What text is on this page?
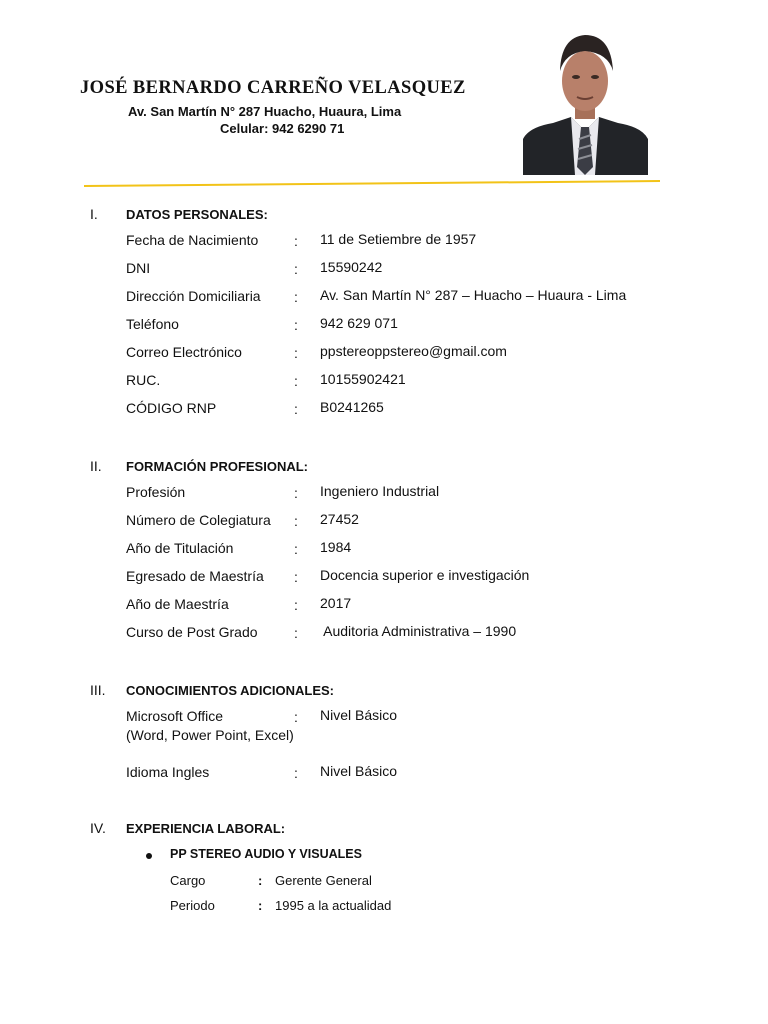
JOSÉ BERNARDO CARREÑO VELASQUEZ
Av. San Martín N° 287 Huacho, Huaura, Lima
Celular: 942 6290 71
I. DATOS PERSONALES:
Fecha de Nacimiento	: 11 de Setiembre de 1957
DNI	: 15590242
Dirección Domiciliaria : Av. San Martín N° 287 – Huacho – Huaura - Lima
Teléfono	: 942 629 071
Correo Electrónico	: ppstereoppstereo@gmail.com
RUC.	: 10155902421
CÓDIGO RNP	: B0241265
II. FORMACIÓN PROFESIONAL:
Profesión	: Ingeniero Industrial
Número de Colegiatura : 27452
Año de Titulación	: 1984
Egresado de Maestría : Docencia superior e investigación
Año de Maestría	: 2017
Curso de Post Grado	: Auditoria Administrativa – 1990
III. CONOCIMIENTOS ADICIONALES:
Microsoft Office
(Word, Power Point, Excel)
: Nivel Básico
Idioma Ingles	: Nivel Básico
IV. EXPERIENCIA LABORAL:
PP STEREO AUDIO Y VISUALES
Cargo	: Gerente General
Periodo	: 1995 a la actualidad
